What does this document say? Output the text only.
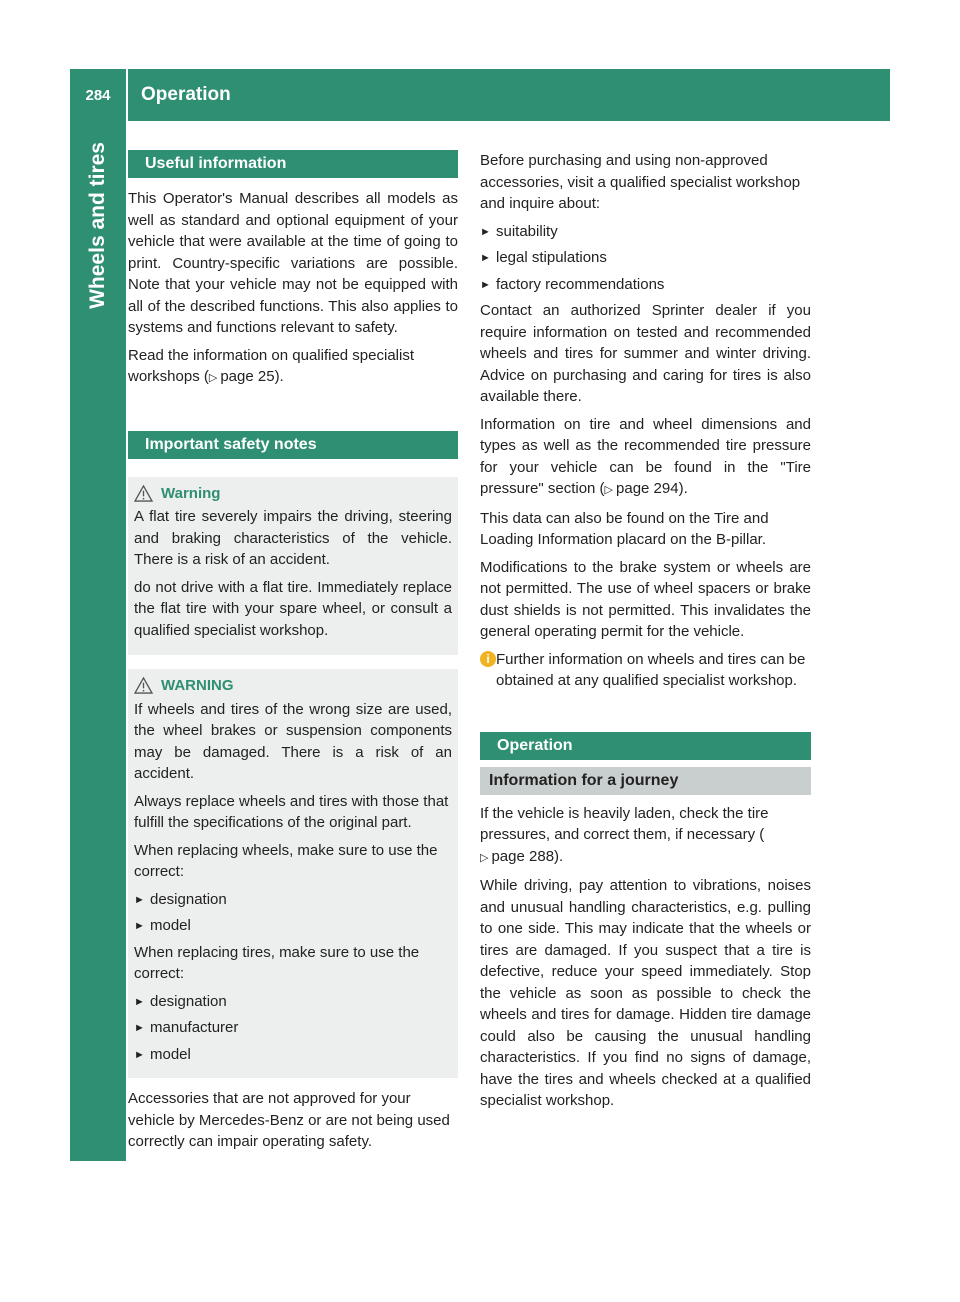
284	Operation
Wheels and tires	Useful information

This Operator's Manual describes all models as well as standard and optional equipment of your vehicle that were available at the time of going to print. Country-specific variations are possible. Note that your vehicle may not be equipped with all of the described functions. This also applies to systems and functions relevant to safety.

Read the information on qualified specialist workshops (▷ page 25).

Important safety notes
Warning

A flat tire severely impairs the driving, steering and braking characteristics of the vehicle. There is a risk of an accident.

do not drive with a flat tire. Immediately replace the flat tire with your spare wheel, or consult a qualified specialist workshop.

WARNING

If wheels and tires of the wrong size are used, the wheel brakes or suspension components may be damaged. There is a risk of an accident.

Always replace wheels and tires with those that fulfill the specifications of the original part.

When replacing wheels, make sure to use the correct:

► designation
► model

When replacing tires, make sure to use the correct:

► designation
► manufacturer
► model

Accessories that are not approved for your vehicle by Mercedes-Benz or are not being used correctly can impair operating safety.

Before purchasing and using non-approved accessories, visit a qualified specialist workshop and inquire about:

► suitability
► legal stipulations
► factory recommendations

Contact an authorized Sprinter dealer if you require information on tested and recommended wheels and tires for summer and winter driving. Advice on purchasing and caring for tires is also available there.

Information on tire and wheel dimensions and types as well as the recommended tire pressure for your vehicle can be found in the "Tire pressure" section (▷ page 294).

This data can also be found on the Tire and Loading Information placard on the B-pillar.

Modifications to the brake system or wheels are not permitted. The use of wheel spacers or brake dust shields is not permitted. This invalidates the general operating permit for the vehicle.

i Further information on wheels and tires can be obtained at any qualified specialist workshop.
Operation
Information for a journey

If the vehicle is heavily laden, check the tire pressures, and correct them, if necessary (▷ page 288).

While driving, pay attention to vibrations, noises and unusual handling characteristics, e.g. pulling to one side. This may indicate that the wheels or tires are damaged. If you suspect that a tire is defective, reduce your speed immediately. Stop the vehicle as soon as possible to check the wheels and tires for damage. Hidden tire damage could also be causing the unusual handling characteristics. If you find no signs of damage, have the tires and wheels checked at a qualified specialist workshop.
